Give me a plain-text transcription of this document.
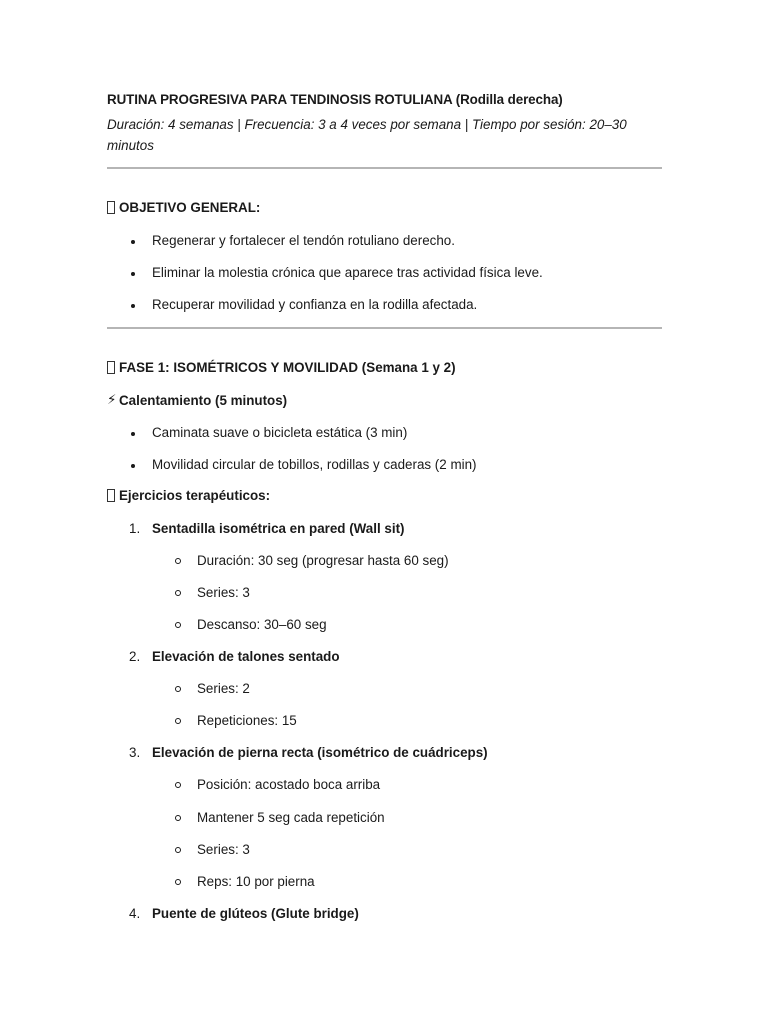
RUTINA PROGRESIVA PARA TENDINOSIS ROTULIANA (Rodilla derecha)
Duración: 4 semanas | Frecuencia: 3 a 4 veces por semana | Tiempo por sesión: 20–30 minutos
OBJETIVO GENERAL:
Regenerar y fortalecer el tendón rotuliano derecho.
Eliminar la molestia crónica que aparece tras actividad física leve.
Recuperar movilidad y confianza en la rodilla afectada.
FASE 1: ISOMÉTRICOS Y MOVILIDAD (Semana 1 y 2)
⚡ Calentamiento (5 minutos)
Caminata suave o bicicleta estática (3 min)
Movilidad circular de tobillos, rodillas y caderas (2 min)
Ejercicios terapéuticos:
1. Sentadilla isométrica en pared (Wall sit)
Duración: 30 seg (progresar hasta 60 seg)
Series: 3
Descanso: 30–60 seg
2. Elevación de talones sentado
Series: 2
Repeticiones: 15
3. Elevación de pierna recta (isométrico de cuádriceps)
Posición: acostado boca arriba
Mantener 5 seg cada repetición
Series: 3
Reps: 10 por pierna
4. Puente de glúteos (Glute bridge)
